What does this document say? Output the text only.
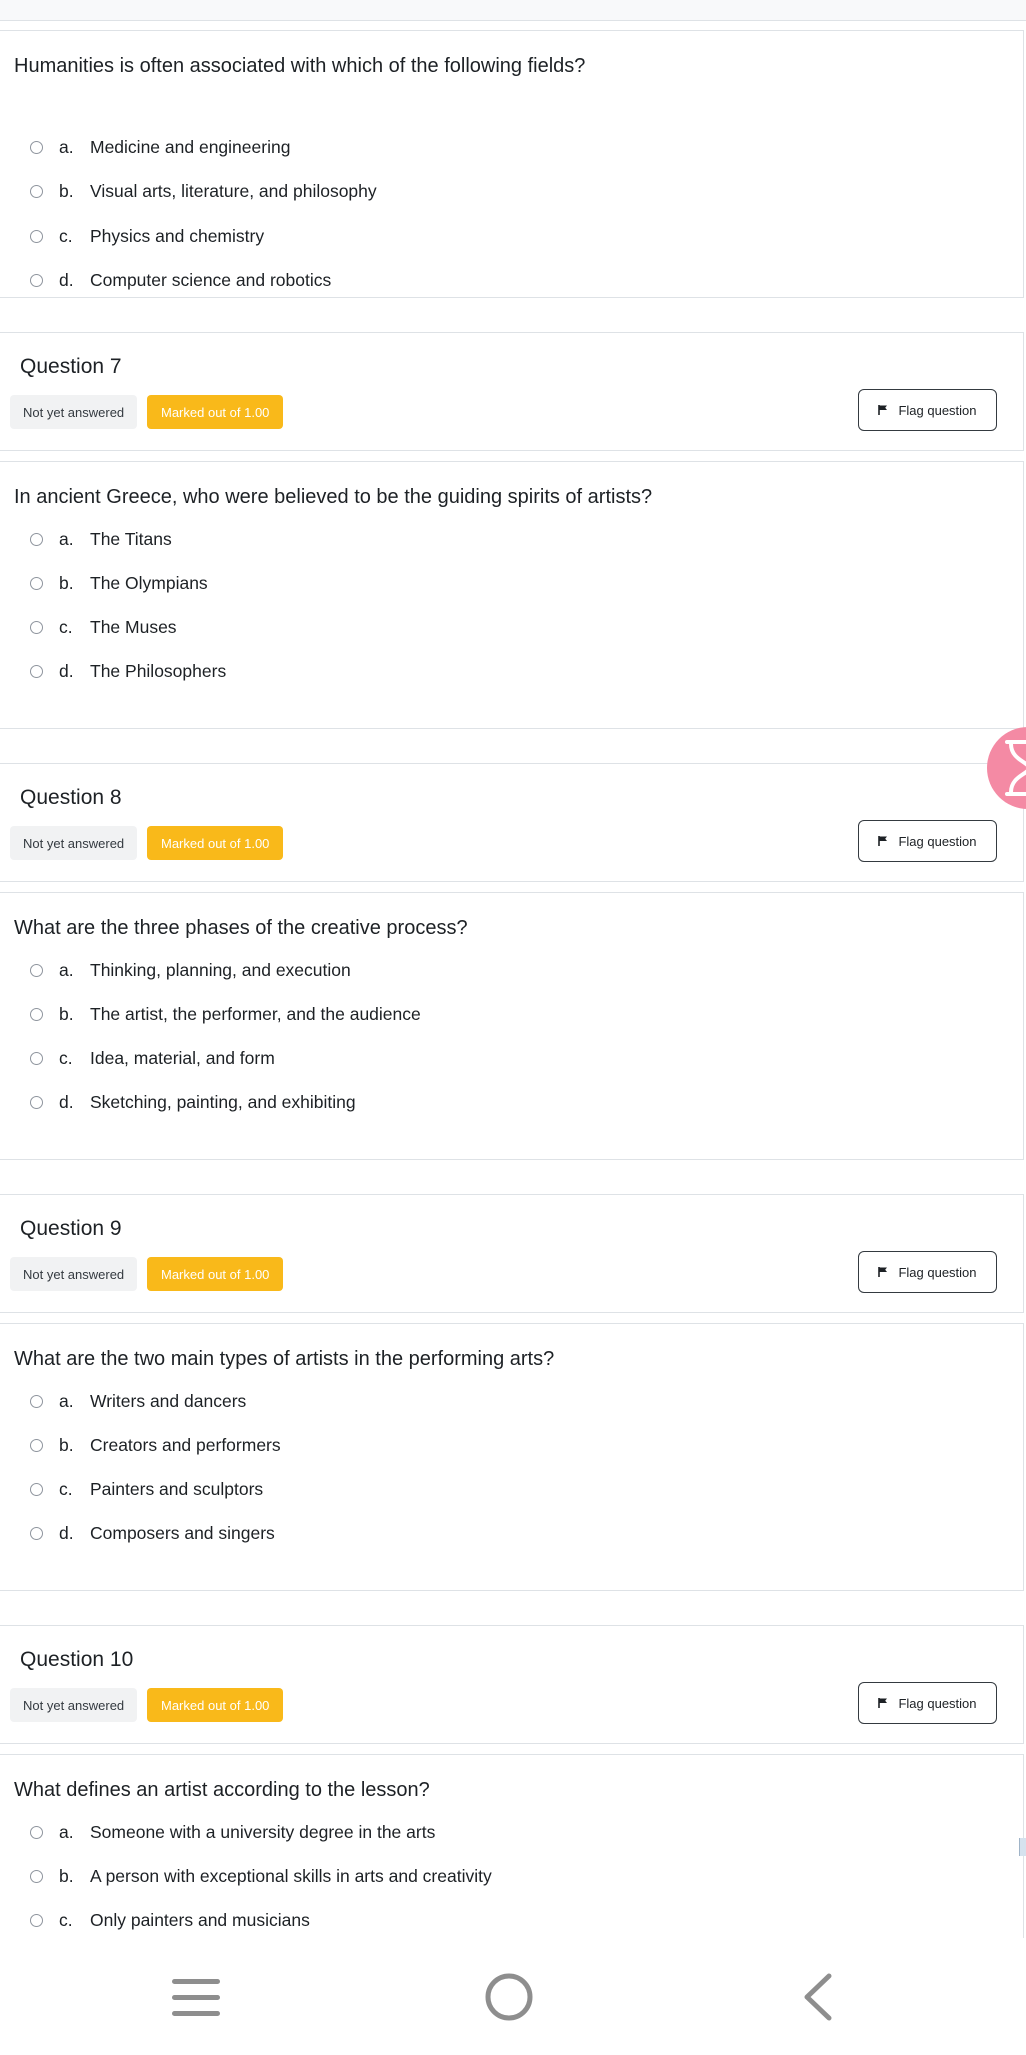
Humanities is often associated with which of the following fields?
a. Medicine and engineering
b. Visual arts, literature, and philosophy
c. Physics and chemistry
d. Computer science and robotics
Question 7
Not yet answered	Marked out of 1.00	Flag question
In ancient Greece, who were believed to be the guiding spirits of artists?
a. The Titans
b. The Olympians
c. The Muses
d. The Philosophers
Question 8
Not yet answered	Marked out of 1.00	Flag question
What are the three phases of the creative process?
a. Thinking, planning, and execution
b. The artist, the performer, and the audience
c. Idea, material, and form
d. Sketching, painting, and exhibiting
Question 9
Not yet answered	Marked out of 1.00	Flag question
What are the two main types of artists in the performing arts?
a. Writers and dancers
b. Creators and performers
c. Painters and sculptors
d. Composers and singers
Question 10
Not yet answered	Marked out of 1.00	Flag question
What defines an artist according to the lesson?
a. Someone with a university degree in the arts
b. A person with exceptional skills in arts and creativity
c. Only painters and musicians
